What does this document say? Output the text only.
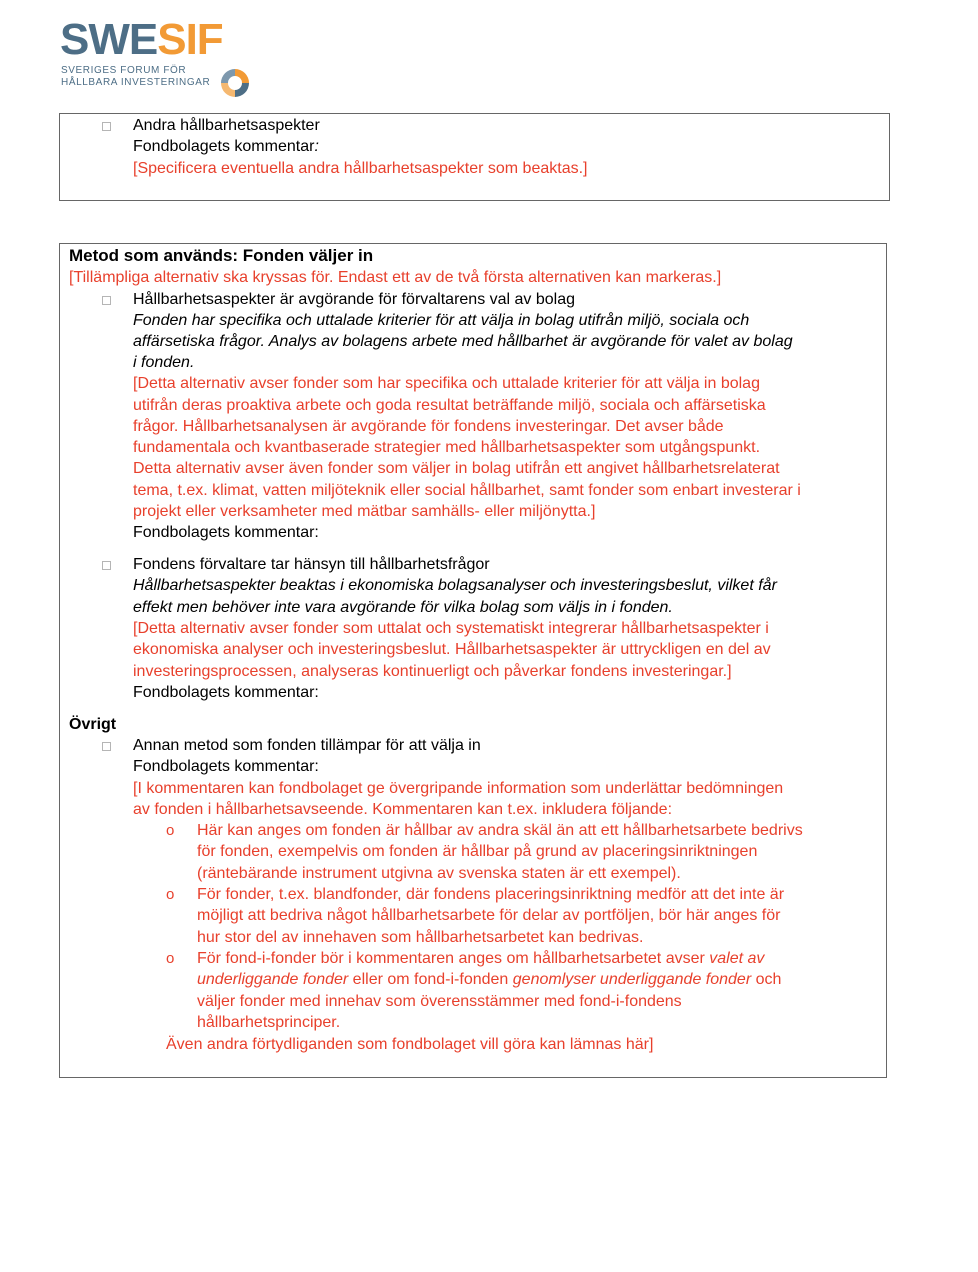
SWESIF
SVERIGES FORUM FÖR
HÅLLBARA INVESTERINGAR
Andra hållbarhetsaspekter
Fondbolagets kommentar:
[Specificera eventuella andra hållbarhetsaspekter som beaktas.]
Metod som används: Fonden väljer in
[Tillämpliga alternativ ska kryssas för. Endast ett av de två första alternativen kan markeras.]
Hållbarhetsaspekter är avgörande för förvaltarens val av bolag
Fonden har specifika och uttalade kriterier för att välja in bolag utifrån miljö, sociala och
affärsetiska frågor. Analys av bolagens arbete med hållbarhet är avgörande för valet av bolag
i fonden.
[Detta alternativ avser fonder som har specifika och uttalade kriterier för att välja in bolag
utifrån deras proaktiva arbete och goda resultat beträffande miljö, sociala och affärsetiska
frågor. Hållbarhetsanalysen är avgörande för fondens investeringar. Det avser både
fundamentala och kvantbaserade strategier med hållbarhetsaspekter som utgångspunkt.
Detta alternativ avser även fonder som väljer in bolag utifrån ett angivet hållbarhetsrelaterat
tema, t.ex. klimat, vatten miljöteknik eller social hållbarhet, samt fonder som enbart investerar i
projekt eller verksamheter med mätbar samhälls- eller miljönytta.]
Fondbolagets kommentar:
Fondens förvaltare tar hänsyn till hållbarhetsfrågor
Hållbarhetsaspekter beaktas i ekonomiska bolagsanalyser och investeringsbeslut, vilket får
effekt men behöver inte vara avgörande för vilka bolag som väljs in i fonden.
[Detta alternativ avser fonder som uttalat och systematiskt integrerar hållbarhetsaspekter i
ekonomiska analyser och investeringsbeslut. Hållbarhetsaspekter är uttryckligen en del av
investeringsprocessen, analyseras kontinuerligt och påverkar fondens investeringar.]
Fondbolagets kommentar:
Övrigt
Annan metod som fonden tillämpar för att välja in
Fondbolagets kommentar:
[I kommentaren kan fondbolaget ge övergripande information som underlättar bedömningen
av fonden i hållbarhetsavseende. Kommentaren kan t.ex. inkludera följande:
o Här kan anges om fonden är hållbar av andra skäl än att ett hållbarhetsarbete bedrivs
för fonden, exempelvis om fonden är hållbar på grund av placeringsinriktningen
(räntebärande instrument utgivna av svenska staten är ett exempel).
o För fonder, t.ex. blandfonder, där fondens placeringsinriktning medför att det inte är
möjligt att bedriva något hållbarhetsarbete för delar av portföljen, bör här anges för
hur stor del av innehaven som hållbarhetsarbetet kan bedrivas.
o För fond-i-fonder bör i kommentaren anges om hållbarhetsarbetet avser valet av
underliggande fonder eller om fond-i-fonden genomlyser underliggande fonder och
väljer fonder med innehav som överensstämmer med fond-i-fondens
hållbarhetsprinciper.
Även andra förtydliganden som fondbolaget vill göra kan lämnas här]
